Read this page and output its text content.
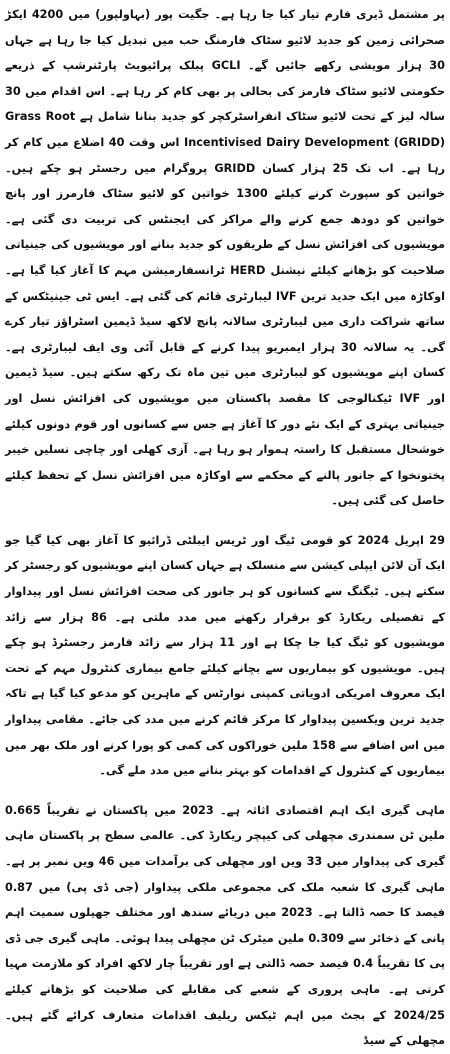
پر مشتمل ڈیری فارم تیار کیا جا رہا ہے۔ جگیت پور (بہاولپور) میں 4200 ایکڑ صحرائی زمین کو جدید لائیو سٹاک فارمنگ حب میں تبدیل کیا جا رہا ہے جہاں 30 ہزار مویشی رکھے جائیں گے۔ GCLI پبلک پرائیویٹ پارٹنرشپ کے ذریعے حکومتی لائیو سٹاک فارمز کی بحالی پر بھی کام کر رہا ہے۔ اس اقدام میں 30 سالہ لیز کے تحت لائیو سٹاک انفراسٹرکچر کو جدید بنانا شامل ہے Grass Root Incentivised Dairy Development (GRIDD) اس وقت 40 اضلاع میں کام کر رہا ہے۔ اب تک 25 ہزار کسان GRIDD پروگرام میں رجسٹر ہو چکے ہیں۔ خواتین کو سپورٹ کرنے کیلئے 1300 خواتین کو لائیو سٹاک فارمرز اور پانچ خواتین کو دودھ جمع کرنے والے مراکز کی ایجنٹس کی تربیت دی گئی ہے۔ مویشیوں کی افزائش نسل کے طریقوں کو جدید بنانے اور مویشیوں کی جینیاتی صلاحیت کو بڑھانے کیلئے نیشنل HERD ٹرانسفارمیشن مہم کا آغاز کیا گیا ہے۔ اوکاڑہ میں ایک جدید ترین IVF لیبارٹری قائم کی گئی ہے۔ ایس ٹی جینیٹکس کے ساتھ شراکت داری میں لیبارٹری سالانہ پانچ لاکھ سیڈ ڈیمین اسٹراؤز تیار کرے گی۔ یہ سالانہ 30 ہزار ایمبریو پیدا کرنے کے قابل آئی وی ایف لیبارٹری ہے۔ کسان اپنے مویشیوں کو لیبارٹری میں تین ماہ تک رکھ سکتے ہیں۔ سیڈ ڈیمین اور IVF ٹیکنالوجی کا مقصد پاکستان میں مویشیوں کی افزائش نسل اور جینیاتی بہتری کے ایک نئے دور کا آغاز ہے جس سے کسانوں اور قوم دونوں کیلئے خوشحال مستقبل کا راستہ ہموار ہو رہا ہے۔ آزی کھلی اور چاچی نسلیں خیبر پختونخوا کے جانور پالنے کے محکمے سے اوکاڑہ میں افزائش نسل کے تحفظ کیلئے حاصل کی گئی ہیں۔

29 اپریل 2024 کو قومی ٹیگ اور ٹریس ایبلٹی ڈرائیو کا آغاز بھی کیا گیا جو ایک آن لائن ایپلی کیشن سے منسلک ہے جہاں کسان اپنے مویشیوں کو رجسٹر کر سکتے ہیں۔ ٹیگنگ سے کسانوں کو ہر جانور کی صحت افزائش نسل اور پیداوار کے تفصیلی ریکارڈ کو برقرار رکھنے میں مدد ملتی ہے۔ 86 ہزار سے زائد مویشیوں کو ٹیگ کیا جا چکا ہے اور 11 ہزار سے زائد فارمز رجسٹرڈ ہو چکے ہیں۔ مویشیوں کو بیماریوں سے بچانے کیلئے جامع بیماری کنٹرول مہم کے تحت ایک معروف امریکی ادویاتی کمپنی نوارٹس کے ماہرین کو مدعو کیا گیا ہے تاکہ جدید ترین ویکسین پیداوار کا مرکز قائم کرنے میں مدد کی جائے۔ مقامی پیداوار میں اس اضافے سے 158 ملین خوراکوں کی کمی کو پورا کرنے اور ملک بھر میں بیماریوں کے کنٹرول کے اقدامات کو بہتر بنانے میں مدد ملے گی۔

ماہی گیری ایک اہم اقتصادی اثاثہ ہے۔ 2023 میں پاکستان نے تقریباً 0.665 ملین ٹن سمندری مچھلی کی کیپچر ریکارڈ کی۔ عالمی سطح پر پاکستان ماہی گیری کی پیداوار میں 33 ویں اور مچھلی کی برآمدات میں 46 ویں نمبر پر ہے۔ ماہی گیری کا شعبہ ملک کی مجموعی ملکی پیداوار (جی ڈی پی) میں 0.87 فیصد کا حصہ ڈالتا ہے۔ 2023 میں دریائے سندھ اور مختلف جھیلوں سمیت اہم پانی کے ذخائر سے 0.309 ملین میٹرک ٹن مچھلی پیدا ہوئی۔ ماہی گیری جی ڈی پی کا تقریباً 0.4 فیصد حصہ ڈالتی ہے اور تقریباً چار لاکھ افراد کو ملازمت مہیا کرتی ہے۔ ماہی پروری کے شعبے کی مقابلے کی صلاحیت کو بڑھانے کیلئے 2024/25 کے بجٹ میں اہم ٹیکس ریلیف اقدامات متعارف کرائے گئے ہیں۔ مچھلی کے سیڈ
